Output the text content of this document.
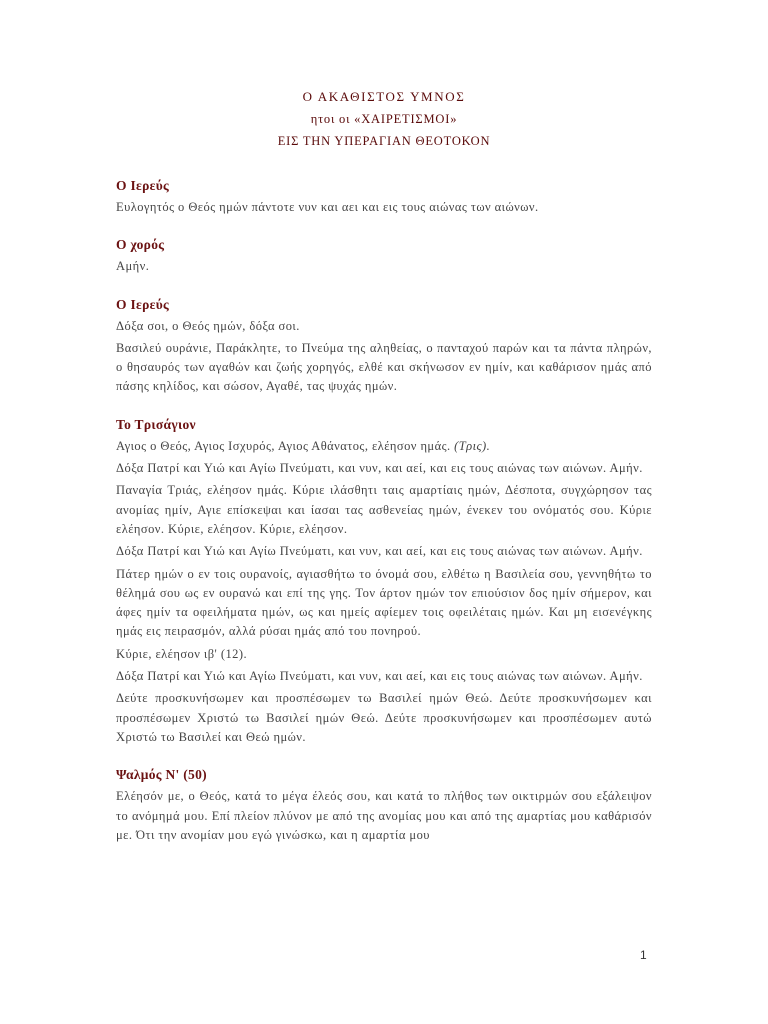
Ο ΑΚΑΘΙΣΤΟΣ ΥΜΝΟΣ
ητοι οι «ΧΑΙΡΕΤΙΣΜΟΙ»
ΕΙΣ ΤΗΝ ΥΠΕΡΑΓΙΑΝ ΘΕΟΤΟΚΟΝ
Ο Ιερεύς

Ευλογητός ο Θεός ημών πάντοτε νυν και αει και εις τους αιώνας των αιώνων.

Ο χορός

Αμήν.

Ο Ιερεύς

Δόξα σοι, ο Θεός ημών, δόξα σοι.

Βασιλεύ ουράνιε, Παράκλητε, το Πνεύμα της αληθείας, ο πανταχού παρών και τα πάντα πληρών, ο θησαυρός των αγαθών και ζωής χορηγός, ελθέ και σκήνωσον εν ημίν, και καθάρισον ημάς από πάσης κηλίδος, και σώσον, Αγαθέ, τας ψυχάς ημών.

Το Τρισάγιον

Αγιος ο Θεός, Αγιος Ισχυρός, Αγιος Αθάνατος, ελέησον ημάς. (Τρις).

Δόξα Πατρί και Υιώ και Αγίω Πνεύματι, και νυν, και αεί, και εις τους αιώνας των αιώνων. Αμήν.

Παναγία Τριάς, ελέησον ημάς. Κύριε ιλάσθητι ταις αμαρτίαις ημών, Δέσποτα, συγχώρησον τας ανομίας ημίν, Αγιε επίσκεψαι και ίασαι τας ασθενείας ημών, ένεκεν του ονόματός σου. Κύριε ελέησον. Κύριε, ελέησον. Κύριε, ελέησον.

Δόξα Πατρί και Υιώ και Αγίω Πνεύματι, και νυν, και αεί, και εις τους αιώνας των αιώνων. Αμήν.

Πάτερ ημών ο εν τοις ουρανοίς, αγιασθήτω το όνομά σου, ελθέτω η Βασιλεία σου, γεννηθήτω το θέλημά σου ως εν ουρανώ και επί της γης. Τον άρτον ημών τον επιούσιον δος ημίν σήμερον, και άφες ημίν τα οφειλήματα ημών, ως και ημείς αφίεμεν τοις οφειλέταις ημών. Και μη εισενέγκης ημάς εις πειρασμόν, αλλά ρύσαι ημάς από του πονηρού.

Κύριε, ελέησον ιβ' (12).

Δόξα Πατρί και Υιώ και Αγίω Πνεύματι, και νυν, και αεί, και εις τους αιώνας των αιώνων. Αμήν.

Δεύτε προσκυνήσωμεν και προσπέσωμεν τω Βασιλεί ημών Θεώ. Δεύτε προσκυνήσωμεν και προσπέσωμεν Χριστώ τω Βασιλεί ημών Θεώ. Δεύτε προσκυνήσωμεν και προσπέσωμεν αυτώ Χριστώ τω Βασιλεί και Θεώ ημών.

Ψαλμός Ν' (50)

Ελέησόν με, ο Θεός, κατά το μέγα έλεός σου, και κατά το πλήθος των οικτιρμών σου εξάλειψον το ανόμημά μου. Επί πλείον πλύνον με από της ανομίας μου και από της αμαρτίας μου καθάρισόν με. Ότι την ανομίαν μου εγώ γινώσκω, και η αμαρτία μου

1
